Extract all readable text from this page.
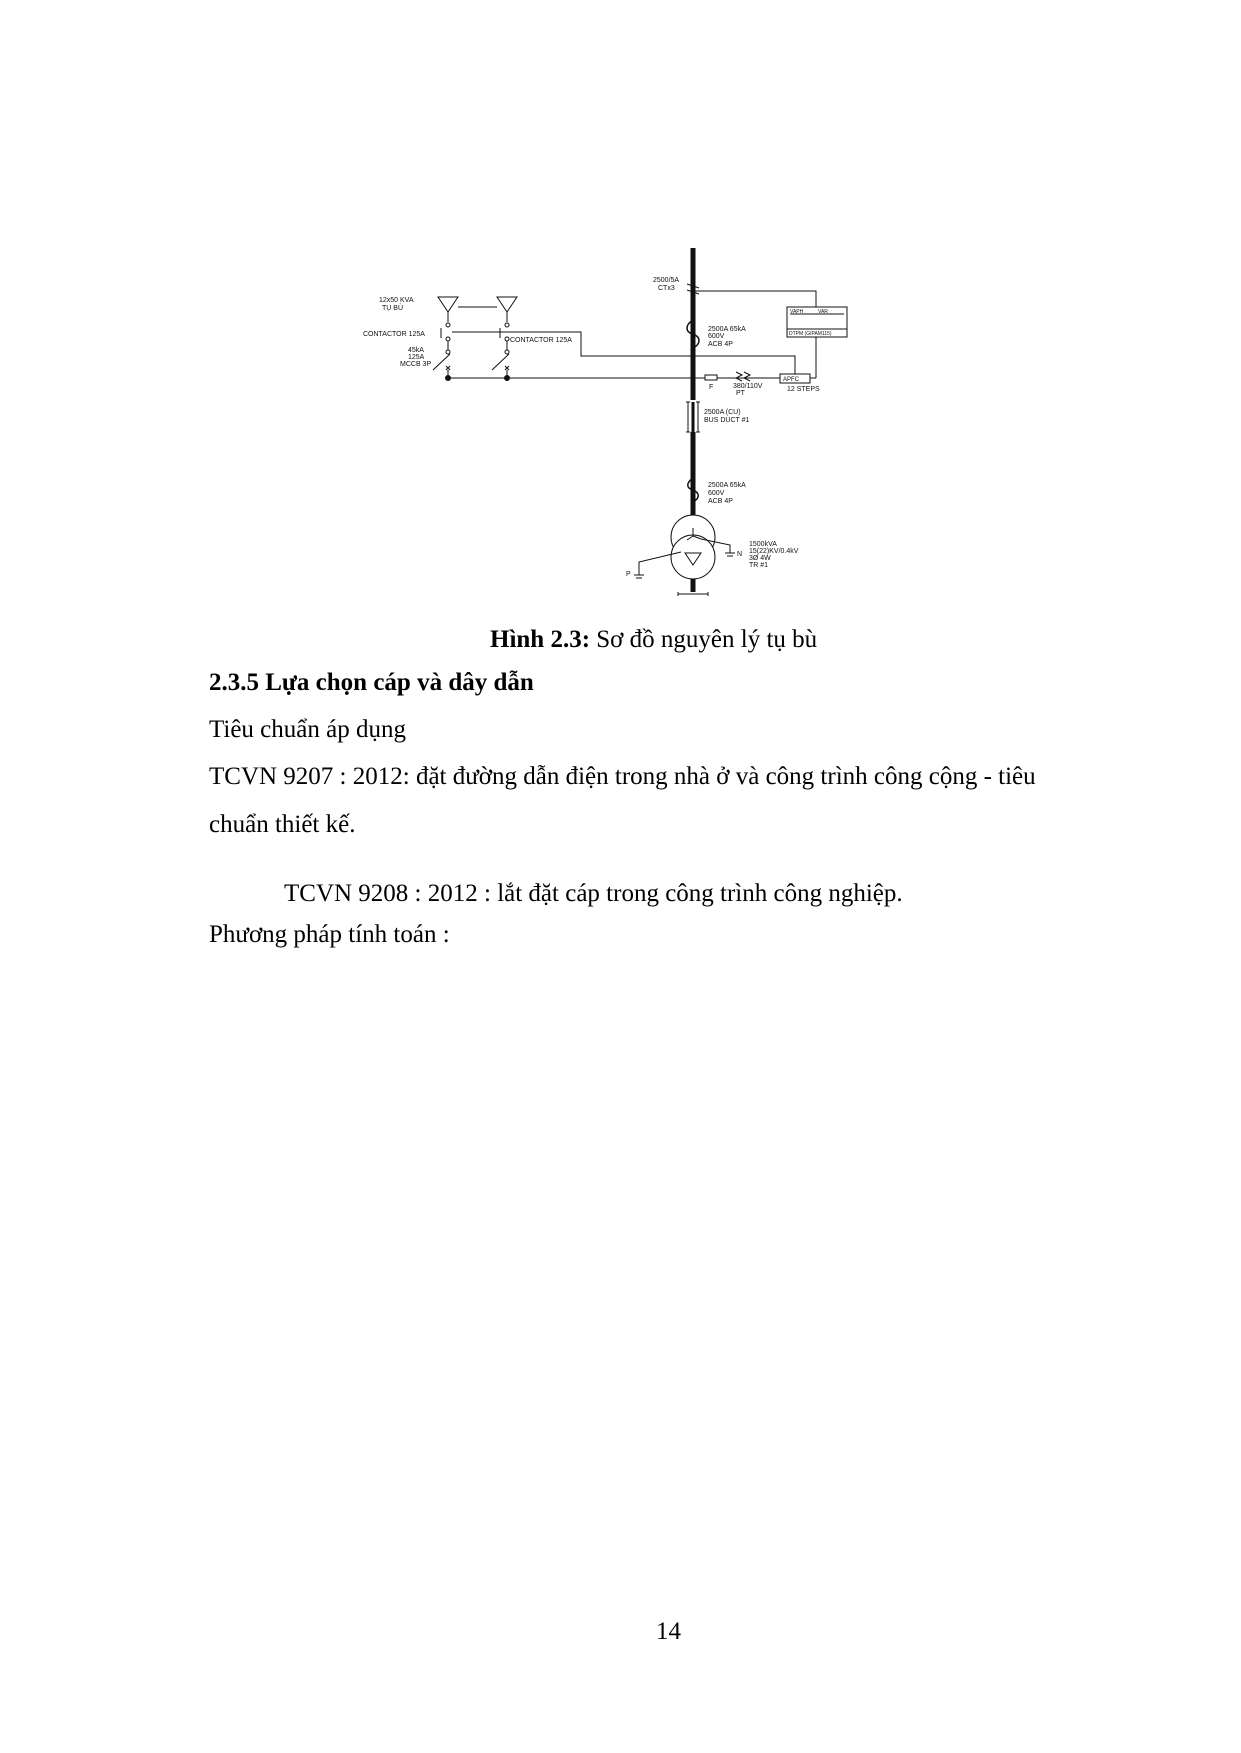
2500/5A
CTx3
12x50 KVA
TỤ BÙ
CONTACTOR 125A
CONTACTOR 125A
45kA
125A
MCCB 3P
2500A 65kA
600V
ACB 4P
VAPH	VAR
DTPM (GIPAM115)
F	380/110V
PT
APFC
12 STEPS
2500A (CU)
BUS DUCT #1
2500A 65kA
600V
ACB 4P
1500kVA
15(22)KV/0.4kV
3Ø 4W
TR #1
P
N
Hình 2.3: Sơ đồ nguyên lý tụ bù
2.3.5 Lựa chọn cáp và dây dẫn
Tiêu chuẩn áp dụng
TCVN 9207 : 2012: đặt đường dẫn điện trong nhà ở và công trình công cộng - tiêu
chuẩn thiết kế.
TCVN 9208 : 2012 : lắt đặt cáp trong công trình công nghiệp.
Phương pháp tính toán :
14
